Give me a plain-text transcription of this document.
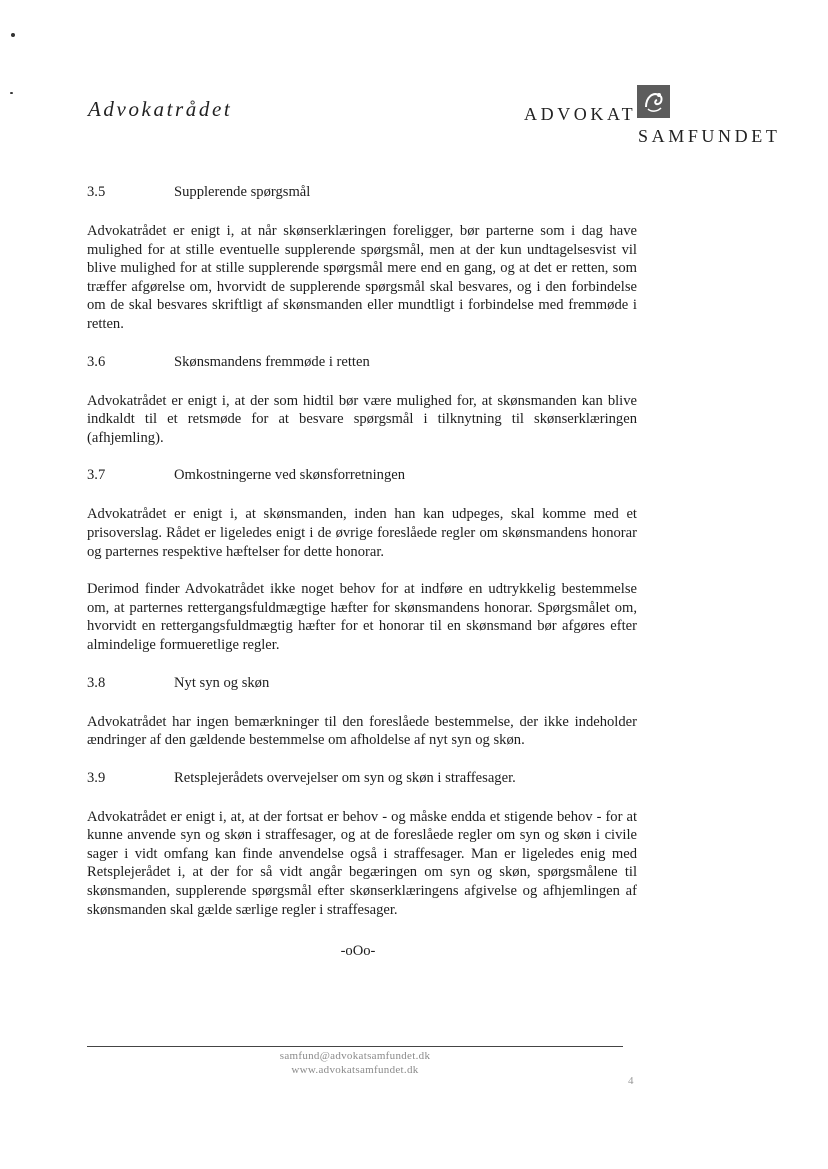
Advokatrådet	ADVOKAT
SAMFUNDET
3.5	Supplerende spørgsmål

Advokatrådet er enigt i, at når skønserklæringen foreligger, bør parterne som i dag have mulighed for at stille eventuelle supplerende spørgsmål, men at der kun undtagelsesvist vil blive mulighed for at stille supplerende spørgsmål mere end en gang, og at det er retten, som træffer afgørelse om, hvorvidt de supplerende spørgsmål skal besvares, og i den forbindelse om de skal besvares skriftligt af skønsmanden eller mundtligt i forbindelse med fremmøde i retten.

3.6	Skønsmandens fremmøde i retten

Advokatrådet er enigt i, at der som hidtil bør være mulighed for, at skønsmanden kan blive indkaldt til et retsmøde for at besvare spørgsmål i tilknytning til skønserklæringen (afhjemling).

3.7	Omkostningerne ved skønsforretningen

Advokatrådet er enigt i, at skønsmanden, inden han kan udpeges, skal komme med et prisoverslag. Rådet er ligeledes enigt i de øvrige foreslåede regler om skønsmandens honorar og parternes respektive hæftelser for dette honorar.

Derimod finder Advokatrådet ikke noget behov for at indføre en udtrykkelig bestemmelse om, at parternes rettergangsfuldmægtige hæfter for skønsmandens honorar. Spørgsmålet om, hvorvidt en rettergangsfuldmægtig hæfter for et honorar til en skønsmand bør afgøres efter almindelige formueretlige regler.

3.8	Nyt syn og skøn

Advokatrådet har ingen bemærkninger til den foreslåede bestemmelse, der ikke indeholder ændringer af den gældende bestemmelse om afholdelse af nyt syn og skøn.

3.9	Retsplejerådets overvejelser om syn og skøn i straffesager.

Advokatrådet er enigt i, at, at der fortsat er behov - og måske endda et stigende behov - for at kunne anvende syn og skøn i straffesager, og at de foreslåede regler om syn og skøn i civile sager i vidt omfang kan finde anvendelse også i straffesager. Man er ligeledes enig med Retsplejerådet i, at der for så vidt angår begæringen om syn og skøn, spørgsmålene til skønsmanden, supplerende spørgsmål efter skønserklæringens afgivelse og afhjemlingen af skønsmanden skal gælde særlige regler i straffesager.

-oOo-
samfund@advokatsamfundet.dk
www.advokatsamfundet.dk
4
